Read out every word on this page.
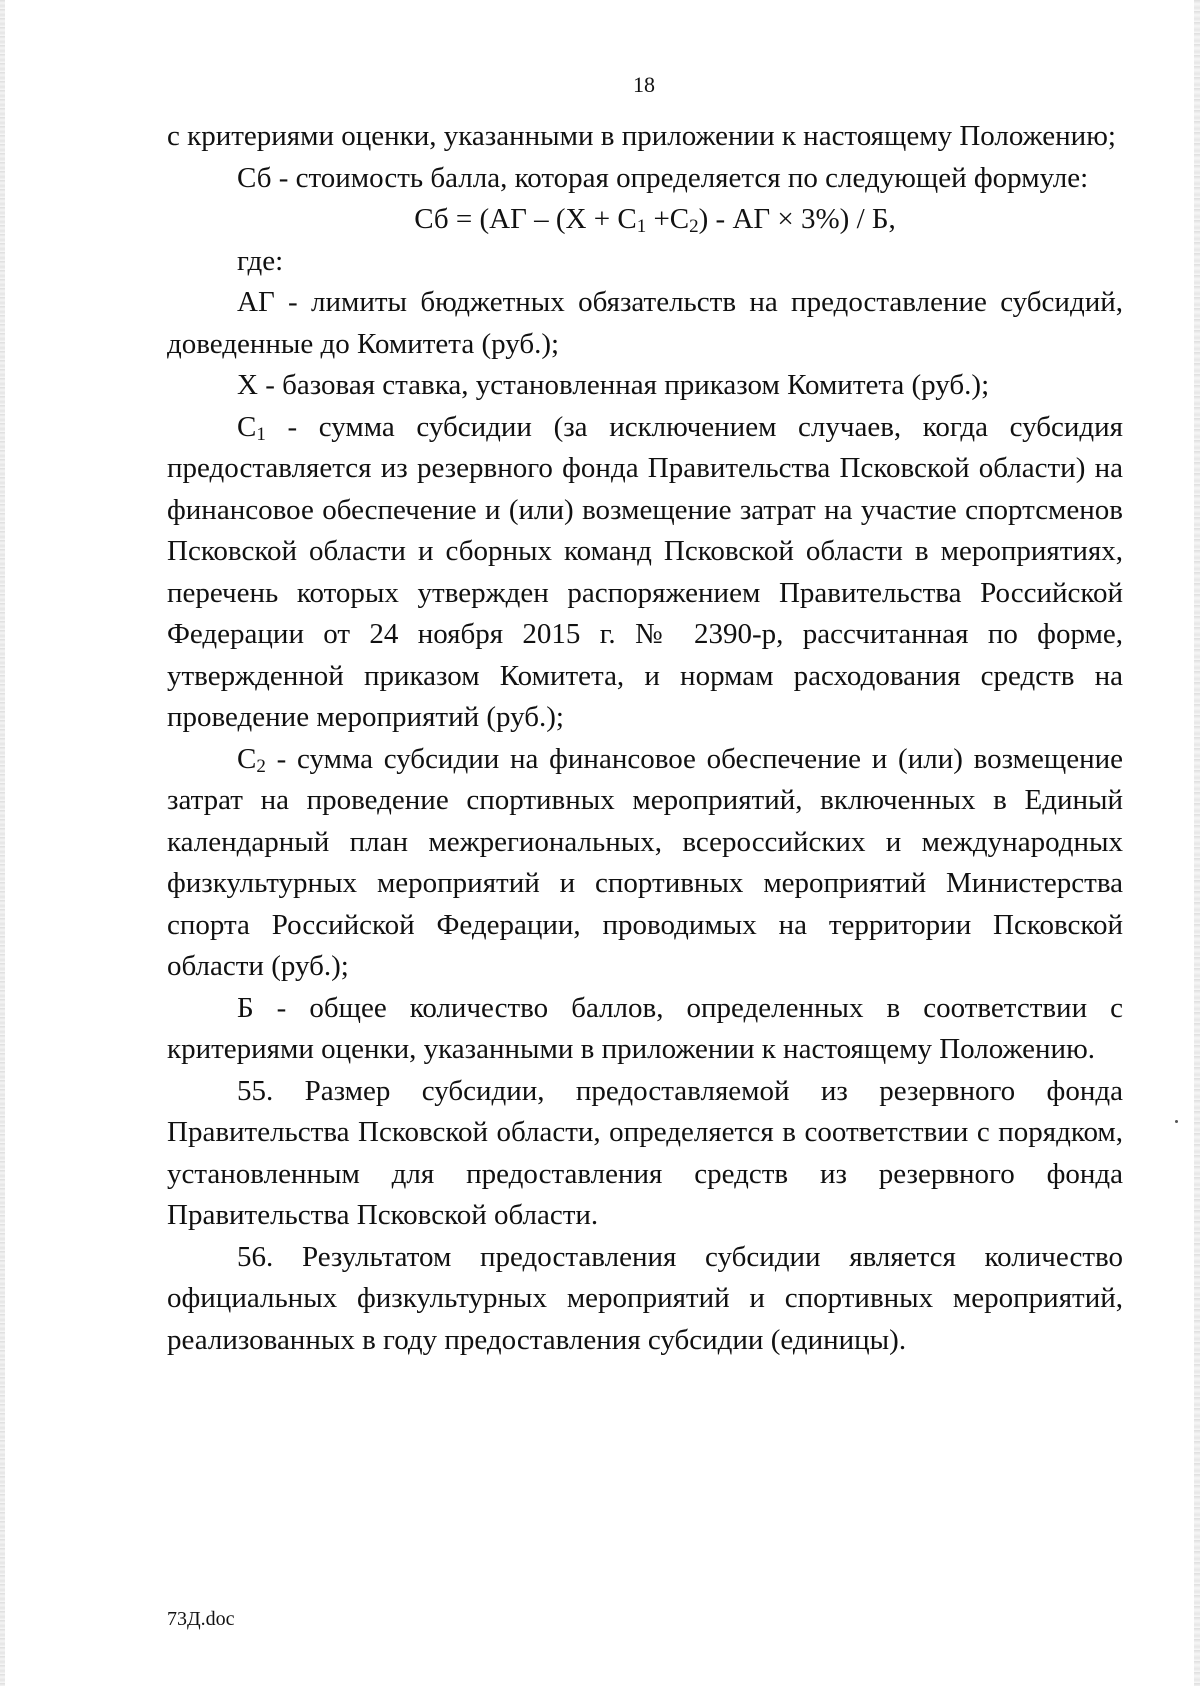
18

с критериями оценки, указанными в приложении к настоящему Положению;

Сб - стоимость балла, которая определяется по следующей формуле:

Сб = ($АГ - (Х + С_1 +С_2)$ - АГ × 3%) / Б,

где:

АГ - лимиты бюджетных обязательств на предоставление субсидий, доведенные до Комитета (руб.);

Х - базовая ставка, установленная приказом Комитета (руб.);

$С_1$ - сумма субсидии (за исключением случаев, когда субсидия предоставляется из резервного фонда Правительства Псковской области) на финансовое обеспечение и (или) возмещение затрат на участие спортсменов Псковской области и сборных команд Псковской области в мероприятиях, перечень которых утвержден распоряжением Правительства Российской Федерации от 24 ноября 2015 г. № 2390-р, рассчитанная по форме, утвержденной приказом Комитета, и нормам расходования средств на проведение мероприятий (руб.);

$С_2$ - сумма субсидии на финансовое обеспечение и (или) возмещение затрат на проведение спортивных мероприятий, включенных в Единый календарный план межрегиональных, всероссийских и международных физкультурных мероприятий и спортивных мероприятий Министерства спорта Российской Федерации, проводимых на территории Псковской области (руб.);

Б - общее количество баллов, определенных в соответствии с критериями оценки, указанными в приложении к настоящему Положению.

55. Размер субсидии, предоставляемой из резервного фонда Правительства Псковской области, определяется в соответствии с порядком, установленным для предоставления средств из резервного фонда Правительства Псковской области.

56. Результатом предоставления субсидии является количество официальных физкультурных мероприятий и спортивных мероприятий, реализованных в году предоставления субсидии (единицы).

73Д.doc
